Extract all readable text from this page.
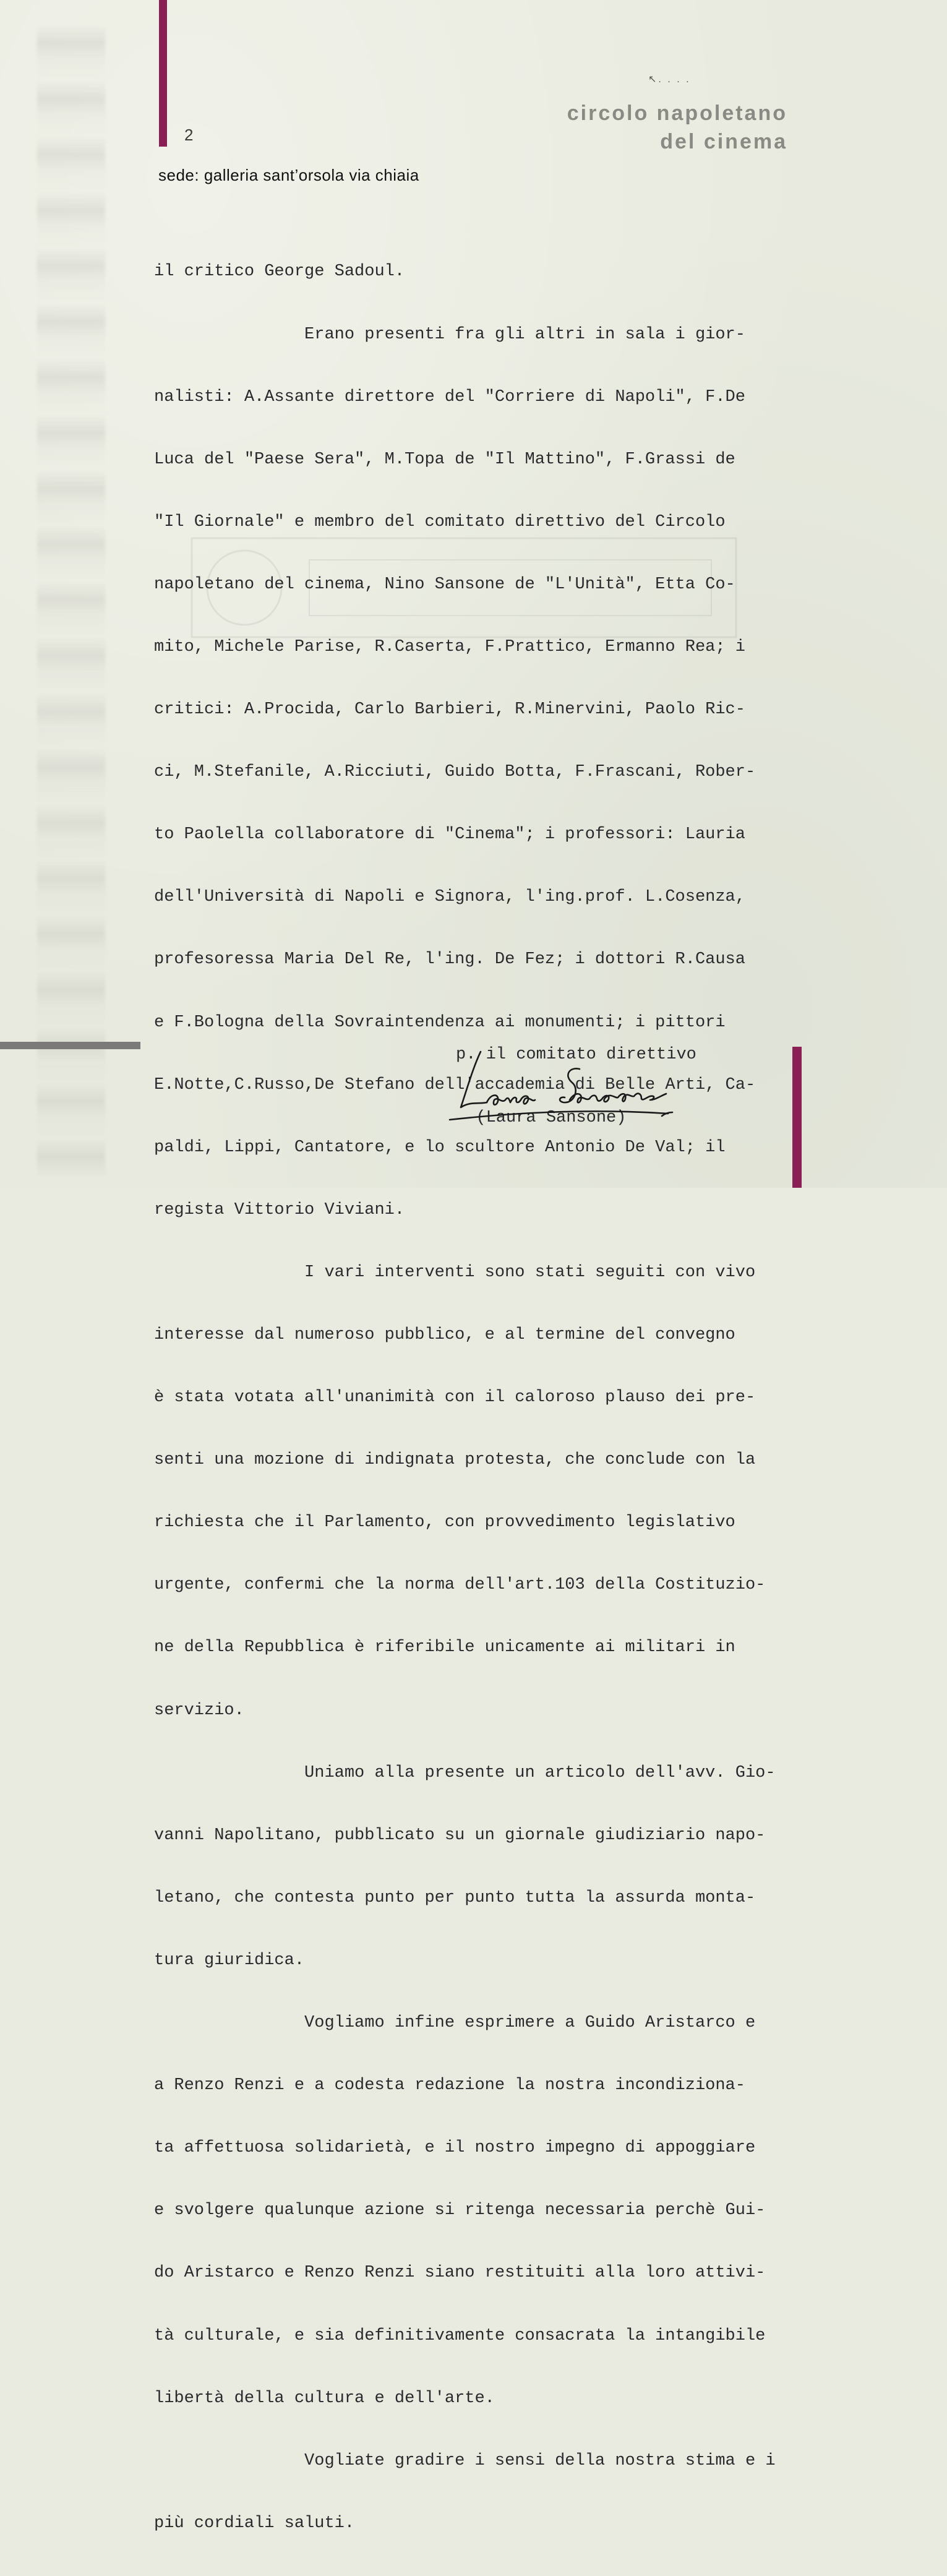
↖. . . .
2
circolo napoletano
del cinema
sede: galleria sant’orsola via chiaia

il critico George Sadoul.

Erano presenti fra gli altri in sala i gior-

nalisti: A.Assante direttore del "Corriere di Napoli", F.De

Luca del "Paese Sera", M.Topa de "Il Mattino", F.Grassi de

"Il Giornale" e membro del comitato direttivo del Circolo

napoletano del cinema, Nino Sansone de "L'Unità", Etta Co-

mito, Michele Parise, R.Caserta, F.Prattico, Ermanno Rea; i

critici: A.Procida, Carlo Barbieri, R.Minervini, Paolo Ric-

ci, M.Stefanile, A.Ricciuti, Guido Botta, F.Frascani, Rober-

to Paolella collaboratore di "Cinema"; i professori: Lauria

dell'Università di Napoli e Signora, l'ing.prof. L.Cosenza,

profesoressa Maria Del Re, l'ing. De Fez; i dottori R.Causa

e F.Bologna della Sovraintendenza ai monumenti; i pittori

E.Notte,C.Russo,De Stefano dell'accademia di Belle Arti, Ca-

paldi, Lippi, Cantatore, e lo scultore Antonio De Val; il

regista Vittorio Viviani.

I vari interventi sono stati seguiti con vivo

interesse dal numeroso pubblico, e al termine del convegno

è stata votata all'unanimità con il caloroso plauso dei pre-

senti una mozione di indignata protesta, che conclude con la

richiesta che il Parlamento, con provvedimento legislativo

urgente, confermi che la norma dell'art.103 della Costituzio-

ne della Repubblica è riferibile unicamente ai militari in

servizio.

Uniamo alla presente un articolo dell'avv. Gio-

vanni Napolitano, pubblicato su un giornale giudiziario napo-

letano, che contesta punto per punto tutta la assurda monta-

tura giuridica.

Vogliamo infine esprimere a Guido Aristarco e

a Renzo Renzi e a codesta redazione la nostra incondiziona-

ta affettuosa solidarietà, e il nostro impegno di appoggiare

e svolgere qualunque azione si ritenga necessaria perchè Gui-

do Aristarco e Renzo Renzi siano restituiti alla loro attivi-

tà culturale, e sia definitivamente consacrata la intangibile

libertà della cultura e dell'arte.

Vogliate gradire i sensi della nostra stima e i

più cordiali saluti.

p. il comitato direttivo

(Laura Sansone)
